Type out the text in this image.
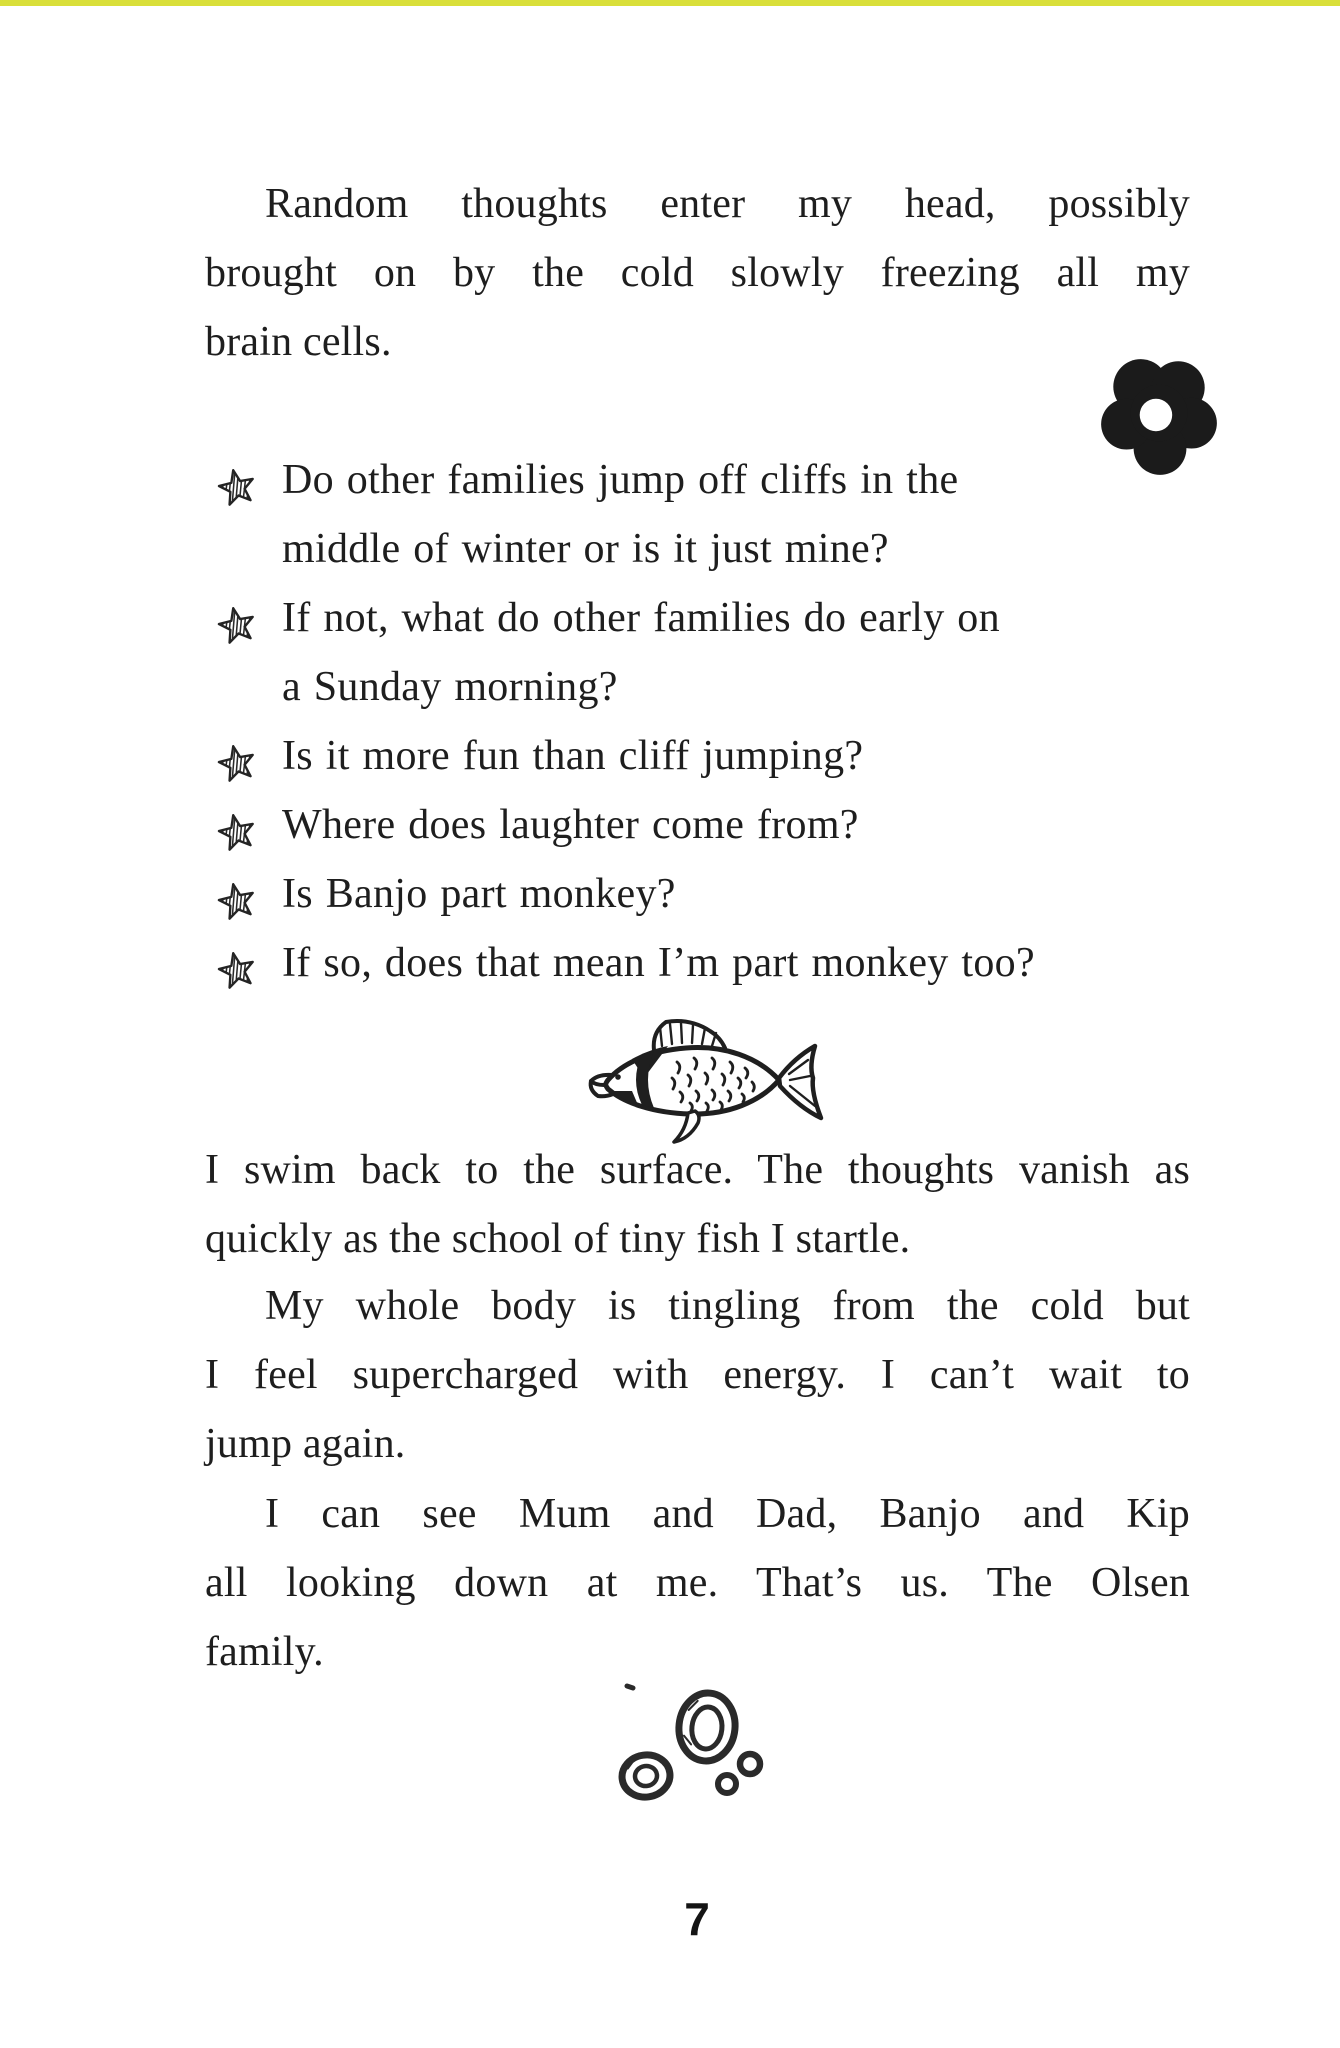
Random thoughts enter my head, possibly
brought on by the cold slowly freezing all my
brain cells.
Do other families jump off cliffs in the
middle of winter or is it just mine?
If not, what do other families do early on
a Sunday morning?
Is it more fun than cliff jumping?
Where does laughter come from?
Is Banjo part monkey?
If so, does that mean I’m part monkey too?
I swim back to the surface. The thoughts vanish as
quickly as the school of tiny fish I startle.
My whole body is tingling from the cold but
I feel supercharged with energy. I can’t wait to
jump again.
I can see Mum and Dad, Banjo and Kip
all looking down at me. That’s us. The Olsen
family.
7
